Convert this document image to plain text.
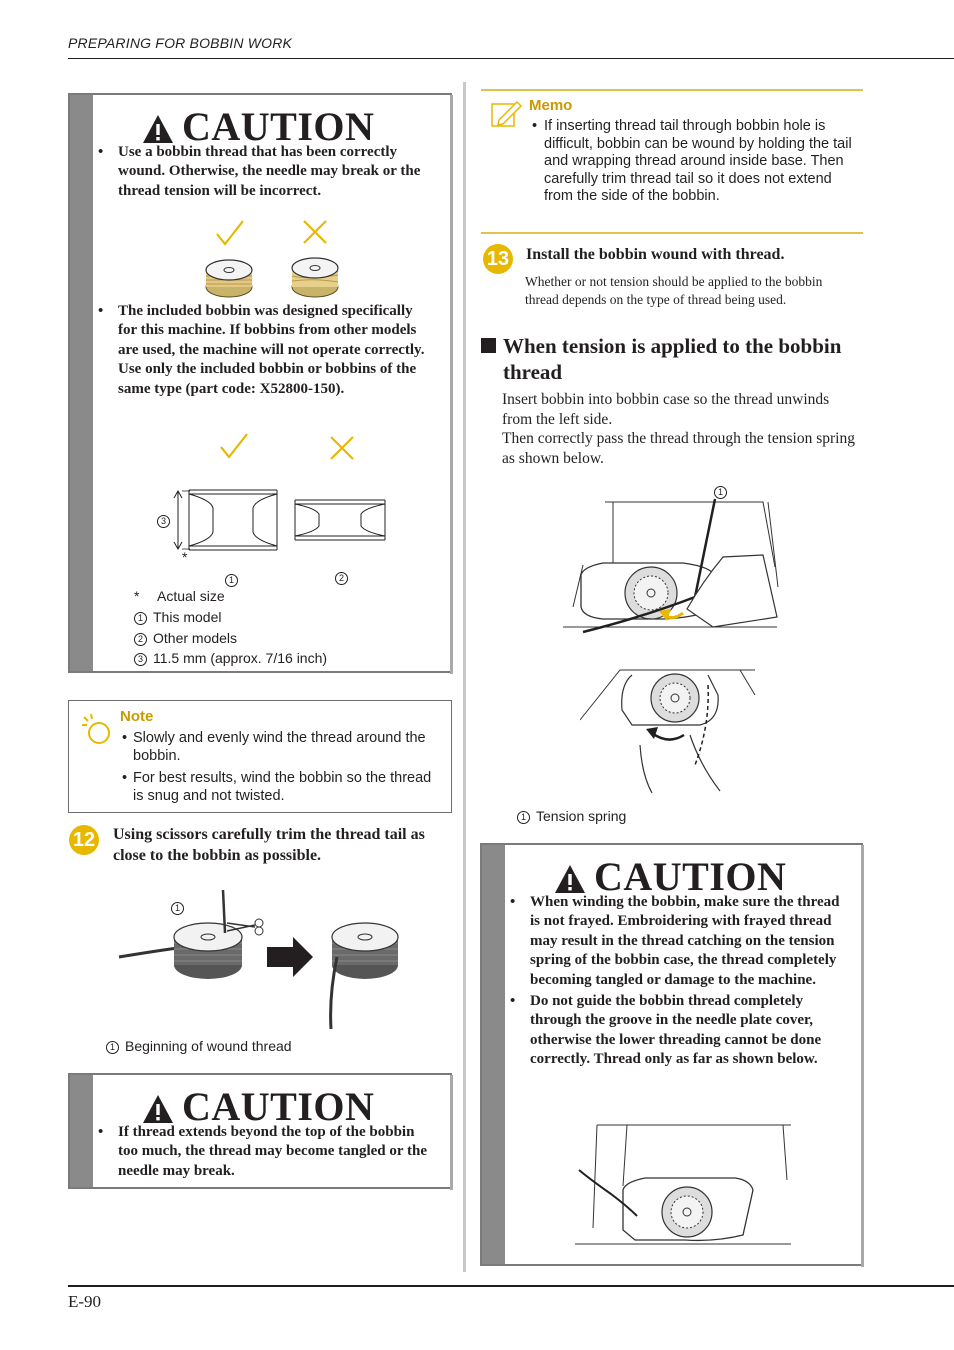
PREPARING FOR BOBBIN WORK
CAUTION
• Use a bobbin thread that has been correctly wound. Otherwise, the needle may break or the thread tension will be incorrect.
• The included bobbin was designed specifically for this machine. If bobbins from other models are used, the machine will not operate correctly. Use only the included bobbin or bobbins of the same type (part code: X52800-150).
3
*
1	2
* Actual size
1 This model
2 Other models
3 11.5 mm (approx. 7/16 inch)
Note
• Slowly and evenly wind the thread around the bobbin.
• For best results, wind the bobbin so the thread is snug and not twisted.
12 Using scissors carefully trim the thread tail as close to the bobbin as possible.
1
1 Beginning of wound thread
CAUTION
• If thread extends beyond the top of the bobbin too much, the thread may become tangled or the needle may break.
Memo
• If inserting thread tail through bobbin hole is difficult, bobbin can be wound by holding the tail and wrapping thread around inside base. Then carefully trim thread tail so it does not extend from the side of the bobbin.
13 Install the bobbin wound with thread.
Whether or not tension should be applied to the bobbin thread depends on the type of thread being used.
When tension is applied to the bobbin thread
Insert bobbin into bobbin case so the thread unwinds from the left side.
Then correctly pass the thread through the tension spring as shown below.
1
1 Tension spring
CAUTION
• When winding the bobbin, make sure the thread is not frayed. Embroidering with frayed thread may result in the thread catching on the tension spring of the bobbin case, the thread completely becoming tangled or damage to the machine.
• Do not guide the bobbin thread completely through the groove in the needle plate cover, otherwise the lower threading cannot be done correctly. Thread only as far as shown below.
E-90
